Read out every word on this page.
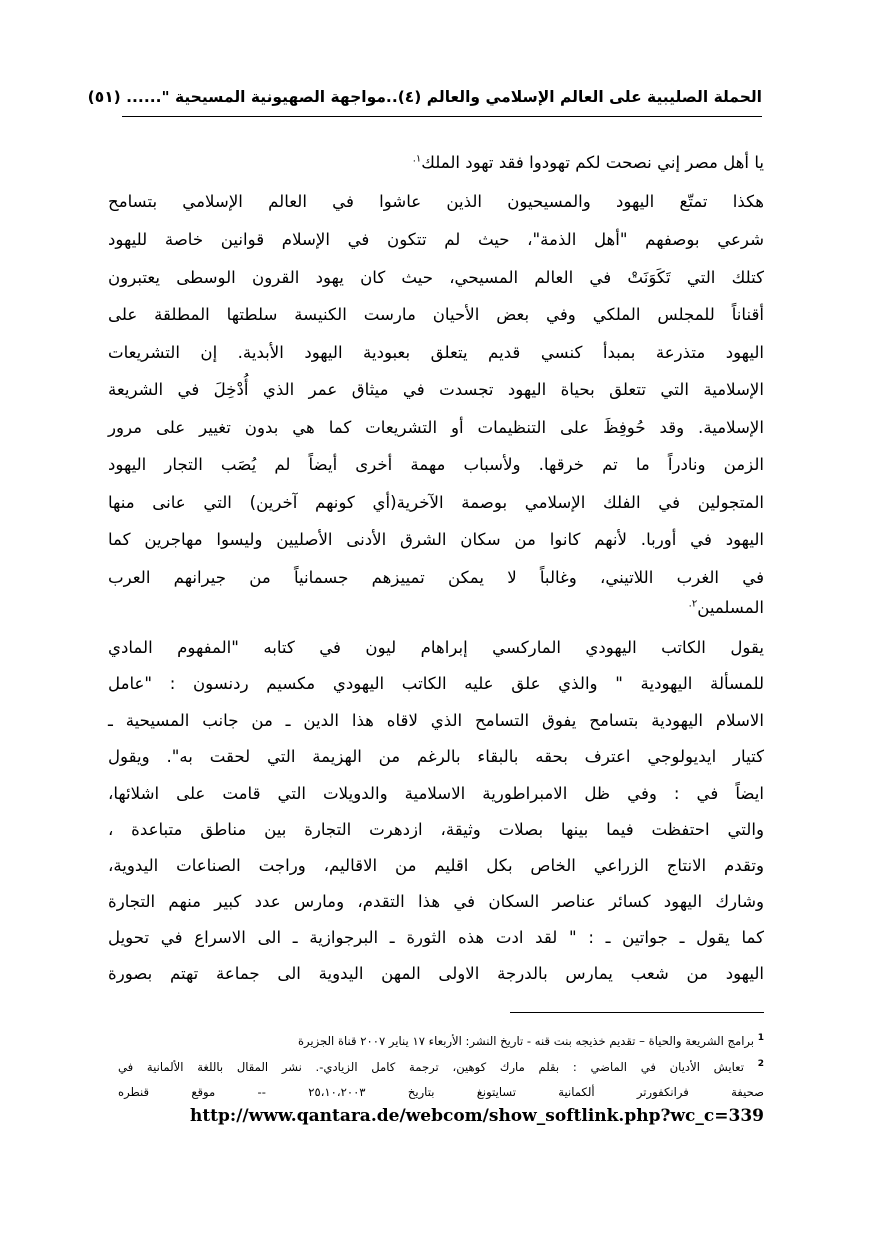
الحملة الصليبية على العالم الإسلامي والعالم (٤)..مواجهة الصهيونية المسيحية "...... (٥١)
يا أهل مصر إني نصحت لكم تهودوا فقد تهود الملك$^{١.}$
هكذا تمتّع اليهود والمسيحيون الذين عاشوا في العالم الإسلامي بتسامح
شرعي بوصفهم "أهل الذمة"، حيث لم تتكون في الإسلام قوانين خاصة لليهود
كتلك التي تَكَوَنَتْ في العالم المسيحي، حيث كان يهود القرون الوسطى يعتبرون
أقناناً للمجلس الملكي وفي بعض الأحيان مارست الكنيسة سلطتها المطلقة على
اليهود متذرعة بمبدأ كنسي قديم يتعلق بعبودية اليهود الأبدية. إن التشريعات
الإسلامية التي تتعلق بحياة اليهود تجسدت في ميثاق عمر الذي أُدْخِلَ في الشريعة
الإسلامية. وقد حُوفِظَ على التنظيمات أو التشريعات كما هي بدون تغيير على مرور
الزمن ونادراً ما تم خرقها. ولأسباب مهمة أخرى أيضاً لم يُصَب التجار اليهود
المتجولين في الفلك الإسلامي بوصمة الآخرية(أي كونهم آخرين) التي عانى منها
اليهود في أوربا. لأنهم كانوا من سكان الشرق الأدنى الأصليين وليسوا مهاجرين كما
في الغرب اللاتيني، وغالباً لا يمكن تمييزهم جسمانياً من جيرانهم العرب
المسلمين$^{٢.}$
يقول الكاتب اليهودي الماركسي إبراهام ليون في كتابه "المفهوم المادي
للمسألة اليهودية " والذي علق عليه الكاتب اليهودي مكسيم ردنسون : "عامل
الاسلام اليهودية بتسامح يفوق التسامح الذي لاقاه هذا الدين ـ من جانب المسيحية ـ
كتيار ايديولوجي اعترف بحقه بالبقاء بالرغم من الهزيمة التي لحقت به". ويقول
ايضاً في : وفي ظل الامبراطورية الاسلامية والدويلات التي قامت على اشلائها،
والتي احتفظت فيما بينها بصلات وثيقة، ازدهرت التجارة بين مناطق متباعدة ،
وتقدم الانتاج الزراعي الخاص بكل اقليم من الاقاليم، وراجت الصناعات اليدوية،
وشارك اليهود كسائر عناصر السكان في هذا التقدم، ومارس عدد كبير منهم التجارة
كما يقول ـ جواتين ـ : " لقد ادت هذه الثورة ـ البرجوازية ـ الى الاسراع في تحويل
اليهود من شعب يمارس بالدرجة الاولى المهن اليدوية الى جماعة تهتم بصورة
$^1$ برامج الشريعة والحياة – تقديم خذيجه بنت قنه - تاريخ النشر: الأربعاء ١٧ يناير ٢٠٠٧ قناة الجزيرة
$^2$ تعايش الأديان في الماضي : بقلم مارك كوهين، ترجمة كامل الزيادي-. نشر المقال باللغة الألمانية في
صحيفة فرانكفورتر ألكمانية تسايتونغ بتاريخ ٢٥،١٠،٢٠٠٣ -- موقع قنطره
http://www.qantara.de/webcom/show_softlink.php?wc_c=339
